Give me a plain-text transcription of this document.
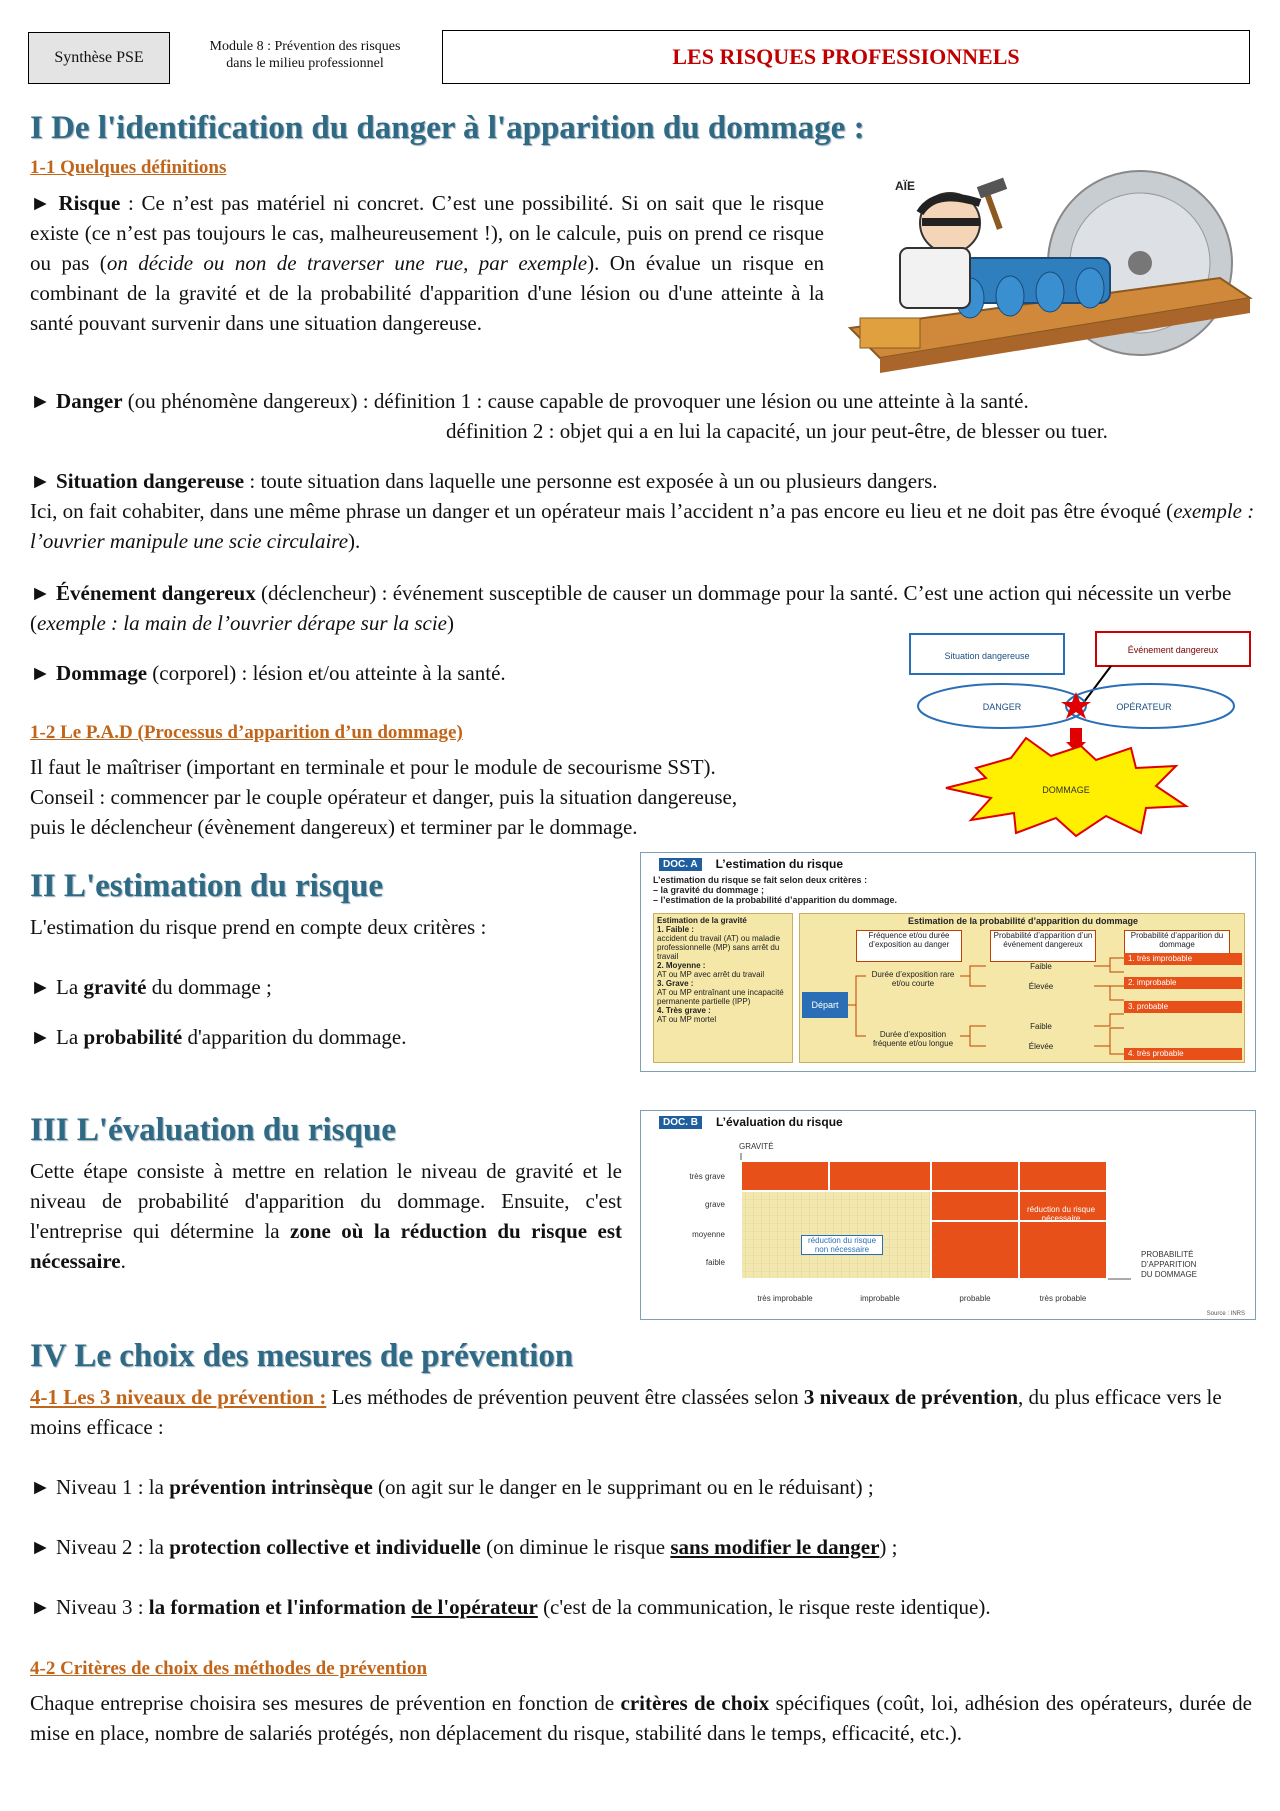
Synthèse PSE
Module 8 : Prévention des risques
dans le milieu professionnel	LES RISQUES PROFESSIONNELS
I De l'identification du danger à l'apparition du dommage :
1-1 Quelques définitions

► Risque : Ce n’est pas matériel ni concret. C’est une possibilité. Si on sait que le risque existe (ce n’est pas toujours le cas, malheureusement !), on le calcule, puis on prend ce risque ou pas (on décide ou non de traverser une rue, par exemple). On évalue un risque en combinant de la gravité et de la probabilité d'apparition d'une lésion ou d'une atteinte à la santé pouvant survenir dans une situation dangereuse.

AÏE

► Danger (ou phénomène dangereux) : définition 1 : cause capable de provoquer une lésion ou une atteinte à la santé.

définition 2 : objet qui a en lui la capacité, un jour peut-être, de blesser ou tuer.

► Situation dangereuse : toute situation dans laquelle une personne est exposée à un ou plusieurs dangers.
Ici, on fait cohabiter, dans une même phrase un danger et un opérateur mais l’accident n’a pas encore eu lieu et ne doit pas être évoqué (exemple : l’ouvrier manipule une scie circulaire).

► Événement dangereux (déclencheur) : événement susceptible de causer un dommage pour la santé. C’est une action qui nécessite un verbe (exemple : la main de l’ouvrier dérape sur la scie)

► Dommage (corporel) : lésion et/ou atteinte à la santé.

1-2 Le P.A.D (Processus d’apparition d’un dommage)

Il faut le maîtriser (important en terminale et pour le module de secourisme SST).
Conseil : commencer par le couple opérateur et danger, puis la situation dangereuse,
puis le déclencheur (évènement dangereux) et terminer par le dommage.

Situation dangereuse
Événement dangereux
DANGER	OPÉRATEUR
DOMMAGE
II L'estimation du risque

L'estimation du risque prend en compte deux critères :

► La gravité du dommage ;

► La probabilité d'apparition du dommage.

DOC. A	L’estimation du risque
L’estimation du risque se fait selon deux critères :
– la gravité du dommage ;
– l’estimation de la probabilité d’apparition du dommage.
Estimation de la gravité
1. Faible :
accident du travail (AT) ou maladie professionnelle (MP) sans arrêt du travail
2. Moyenne :
AT ou MP avec arrêt du travail
3. Grave :
AT ou MP entraînant une incapacité permanente partielle (IPP)
4. Très grave :
AT ou MP mortel
Estimation de la probabilité d’apparition du dommage
Fréquence et/ou durée d’exposition au danger
Probabilité d’apparition d’un événement dangereux
Probabilité d’apparition du dommage
Départ
Durée d’exposition rare et/ou courte
Durée d’exposition fréquente et/ou longue
Faible
Élevée
Faible
Élevée
1. très improbable
2. improbable
3. probable
4. très probable
III L'évaluation du risque

Cette étape consiste à mettre en relation le niveau de gravité et le niveau de probabilité d'apparition du dommage. Ensuite, c'est l'entreprise qui détermine la zone où la réduction du risque est nécessaire.

DOC. B	L’évaluation du risque
GRAVITÉ
très grave
grave
moyenne
faible
très improbable	improbable	probable	très probable
PROBABILITÉ
D’APPARITION
DU DOMMAGE
Source : INRS
réduction du risque nécessaire
réduction du risque non nécessaire
IV Le choix des mesures de prévention

4-1 Les 3 niveaux de prévention : Les méthodes de prévention peuvent être classées selon 3 niveaux de prévention, du plus efficace vers le moins efficace :

► Niveau 1 : la prévention intrinsèque (on agit sur le danger en le supprimant ou en le réduisant) ;

► Niveau 2 : la protection collective et individuelle (on diminue le risque sans modifier le danger) ;

► Niveau 3 : la formation et l'information de l'opérateur (c'est de la communication, le risque reste identique).

4-2 Critères de choix des méthodes de prévention

Chaque entreprise choisira ses mesures de prévention en fonction de critères de choix spécifiques (coût, loi, adhésion des opérateurs, durée de mise en place, nombre de salariés protégés, non déplacement du risque, stabilité dans le temps, efficacité, etc.).
